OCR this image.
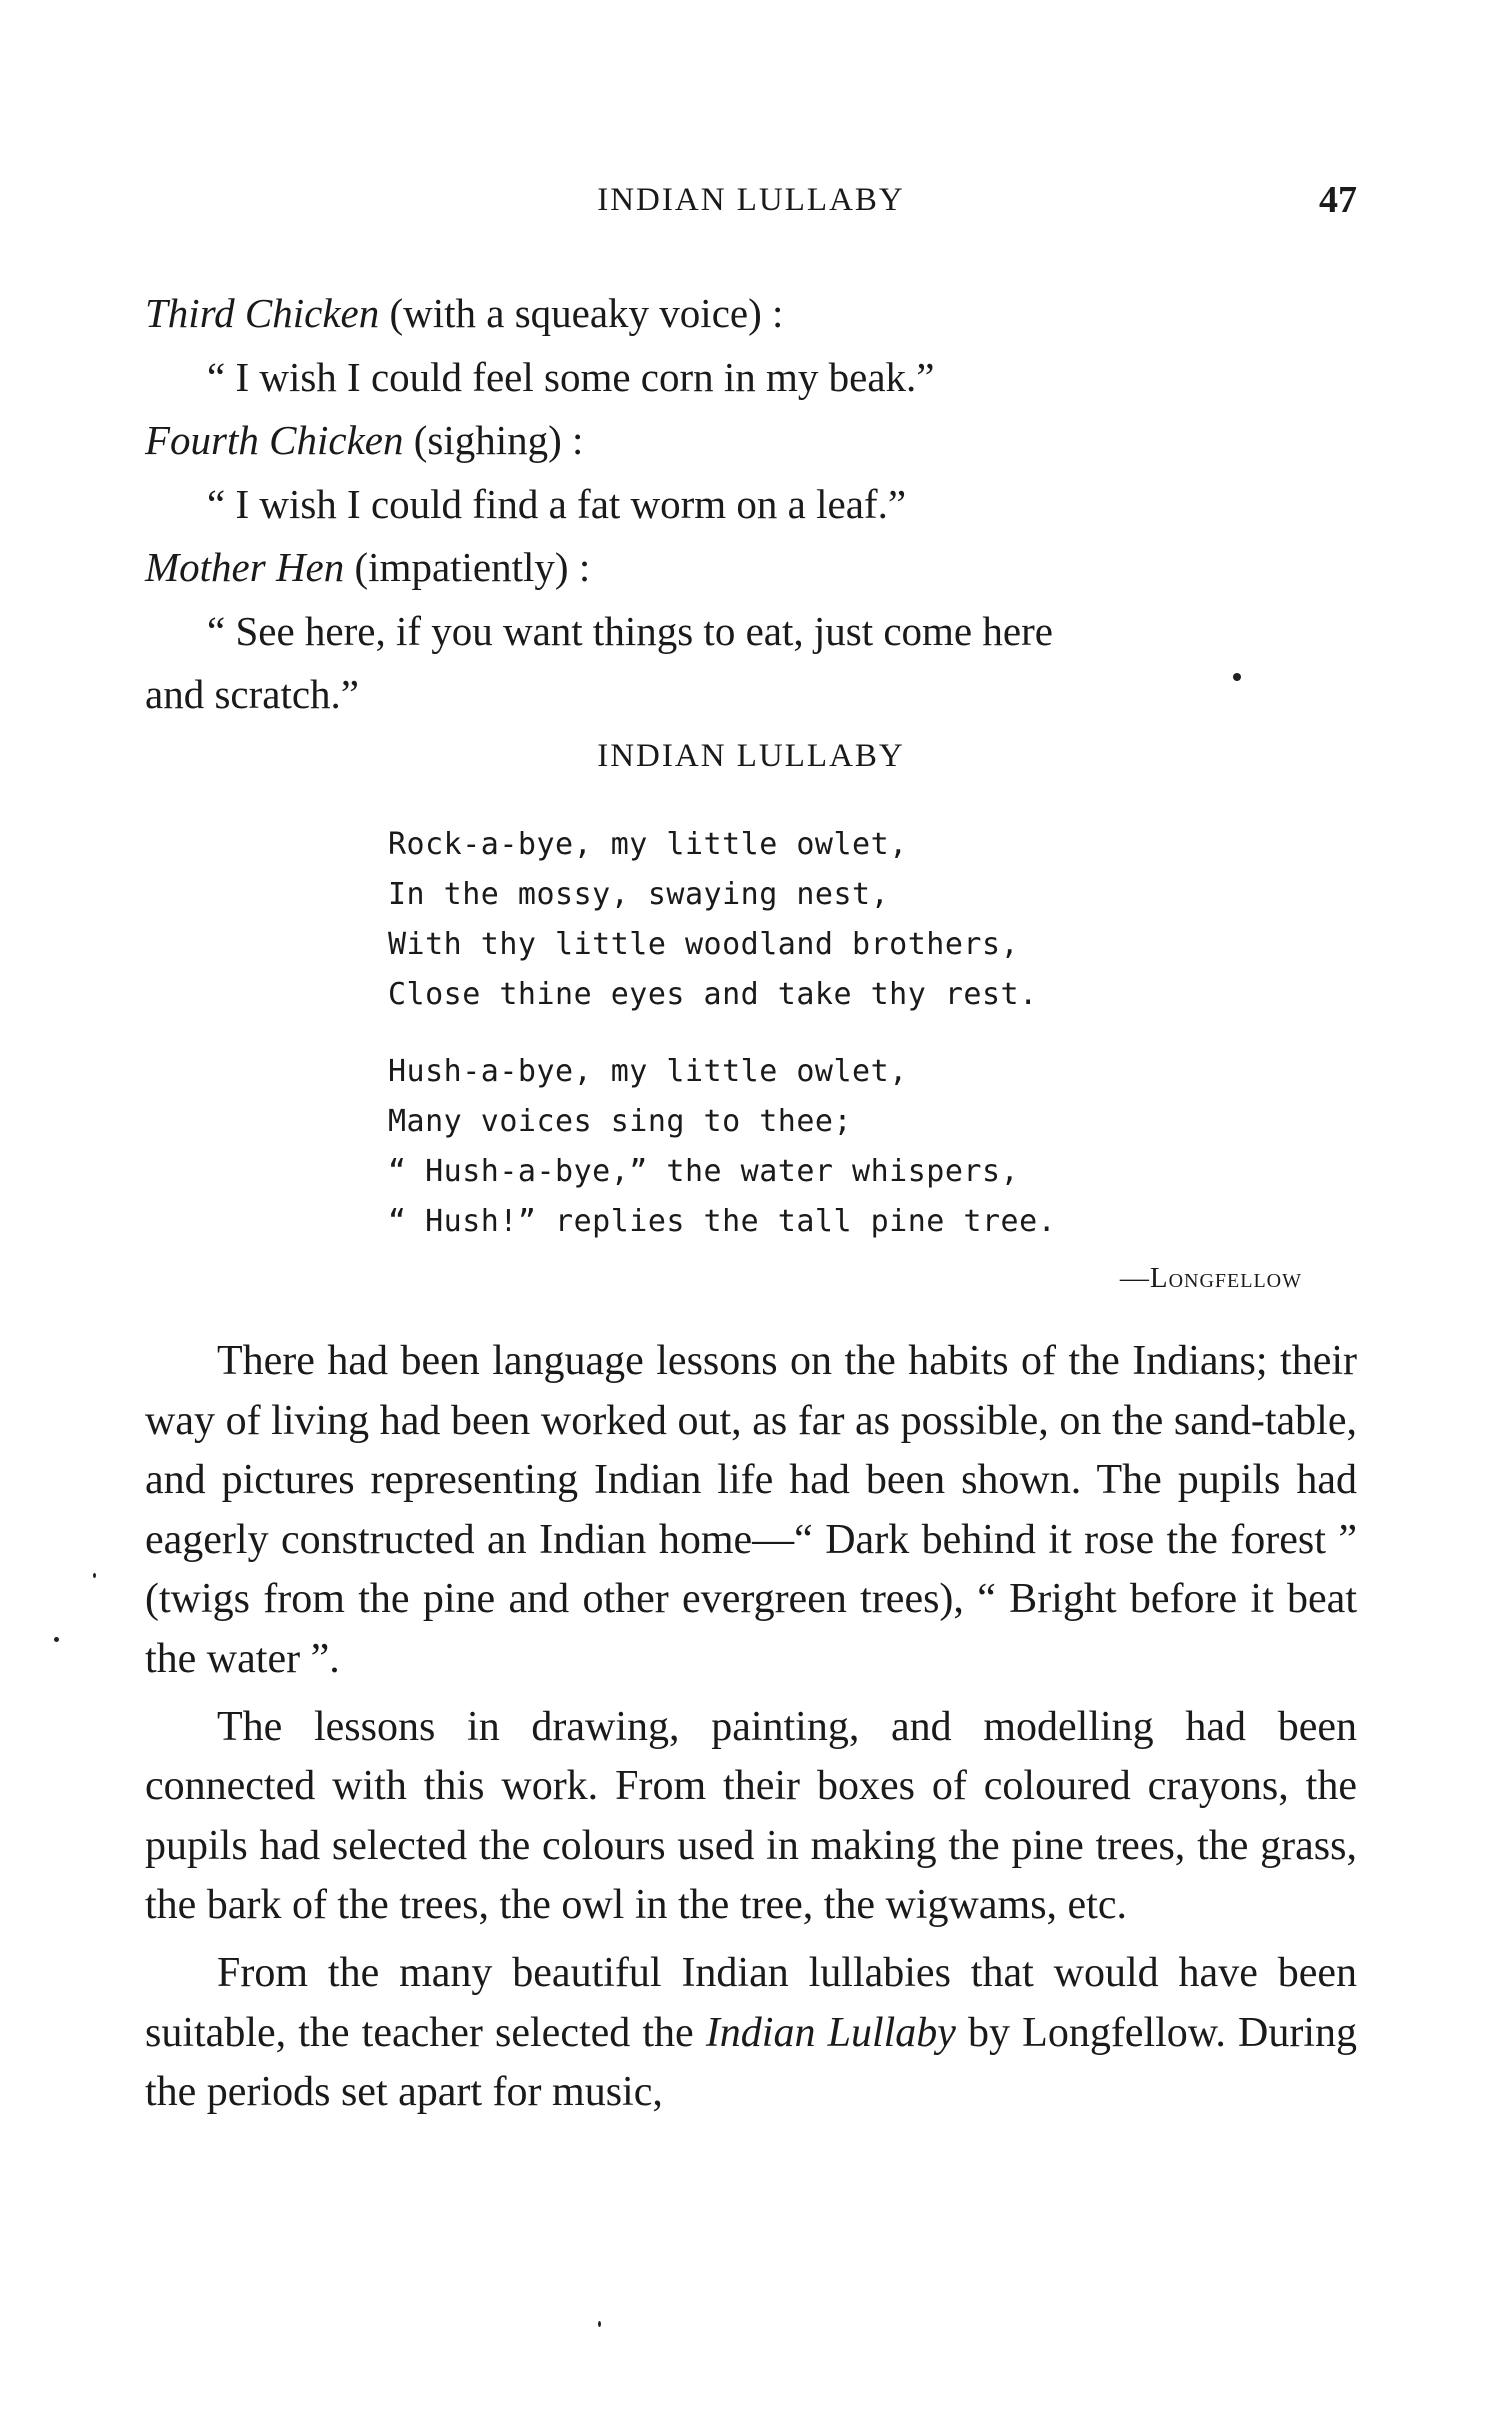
INDIAN LULLABY	47

Third Chicken (with a squeaky voice) :

“ I wish I could feel some corn in my beak.”

Fourth Chicken (sighing) :

“ I wish I could find a fat worm on a leaf.”

Mother Hen (impatiently) :

“ See here, if you want things to eat, just come here

and scratch.”

INDIAN LULLABY

Rock-a-bye, my little owlet,

In the mossy, swaying nest,

With thy little woodland brothers,

Close thine eyes and take thy rest.

Hush-a-bye, my little owlet,

Many voices sing to thee;

“ Hush-a-bye,” the water whispers,

“ Hush!” replies the tall pine tree.

—Longfellow

There had been language lessons on the habits of the Indians; their way of living had been worked out, as far as possible, on the sand-table, and pictures representing Indian life had been shown. The pupils had eagerly constructed an Indian home—“ Dark behind it rose the forest ” (twigs from the pine and other evergreen trees), “ Bright before it beat the water ”.

The lessons in drawing, painting, and modelling had been connected with this work. From their boxes of coloured crayons, the pupils had selected the colours used in making the pine trees, the grass, the bark of the trees, the owl in the tree, the wigwams, etc.

From the many beautiful Indian lullabies that would have been suitable, the teacher selected the Indian Lullaby by Longfellow. During the periods set apart for music,
